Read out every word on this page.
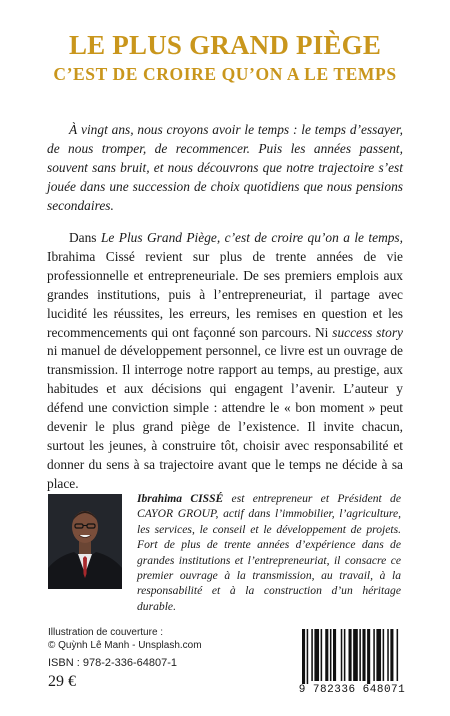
LE PLUS GRAND PIÈGE
C’EST DE CROIRE QU’ON A LE TEMPS

À vingt ans, nous croyons avoir le temps : le temps d’essayer, de nous tromper, de recommencer. Puis les années passent, souvent sans bruit, et nous découvrons que notre trajectoire s’est jouée dans une succession de choix quotidiens que nous pensions secondaires.

Dans Le Plus Grand Piège, c’est de croire qu’on a le temps, Ibrahima Cissé revient sur plus de trente années de vie professionnelle et entrepreneuriale. De ses premiers emplois aux grandes institutions, puis à l’entrepreneuriat, il partage avec lucidité les réussites, les erreurs, les remises en question et les recommencements qui ont façonné son parcours. Ni success story ni manuel de développement personnel, ce livre est un ouvrage de transmission. Il interroge notre rapport au temps, au prestige, aux habitudes et aux décisions qui engagent l’avenir. L’auteur y défend une conviction simple : attendre le « bon moment » peut devenir le plus grand piège de l’existence. Il invite chacun, surtout les jeunes, à construire tôt, choisir avec responsabilité et donner du sens à sa trajectoire avant que le temps ne décide à sa place.

Ibrahima CISSÉ est entrepreneur et Président de CAYOR GROUP, actif dans l’immobilier, l’agriculture, les services, le conseil et le développement de projets. Fort de plus de trente années d’expérience dans de grandes institutions et l’entrepreneuriat, il consacre ce premier ouvrage à la transmission, au travail, à la responsabilité et à la construction d’un héritage durable.

Illustration de couverture :
© Quỳnh Lê Manh - Unsplash.com

ISBN : 978-2-336-64807-1

29 €	9 782336 648071
